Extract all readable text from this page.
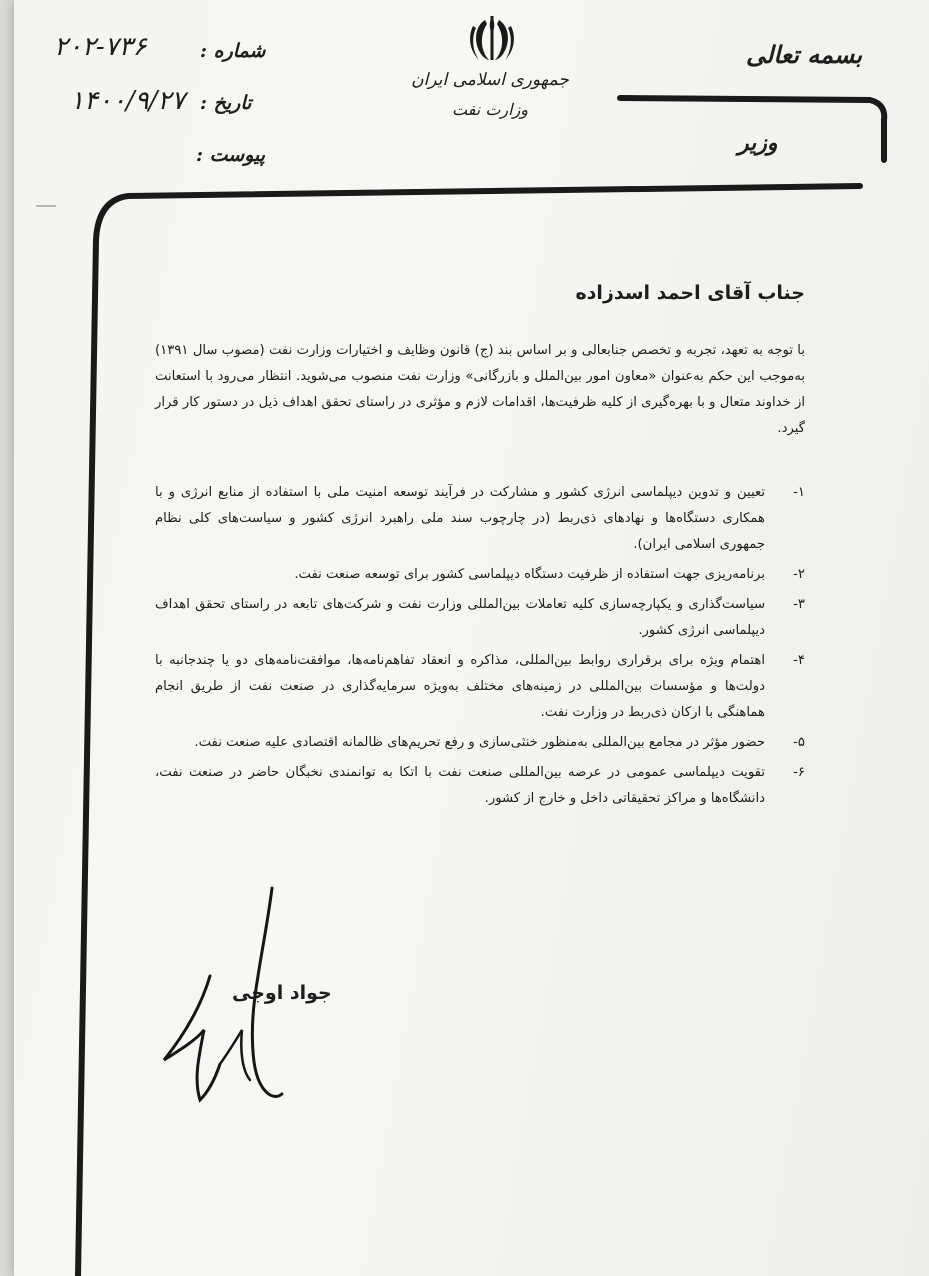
جمهوری اسلامی ایران
وزارت نفت
بسمه تعالی
وزیر
شماره :
۲۰۲-۷۳۶
تاریخ :
۱۴۰۰/۹/۲۷
پیوست :
جناب آقای احمد اسدزاده

با توجه به تعهد، تجربه و تخصص جنابعالی و بر اساس بند (ج) قانون وظایف و اختیارات وزارت نفت (مصوب سال ۱۳۹۱) به‌موجب این حکم به‌عنوان «معاون امور بین‌الملل و بازرگانی» وزارت نفت منصوب می‌شوید. انتظار می‌رود با استعانت از خداوند متعال و با بهره‌گیری از کلیه ظرفیت‌ها، اقدامات لازم و مؤثری در راستای تحقق اهداف ذیل در دستور کار قرار گیرد.

۱-
تعیین و تدوین دیپلماسی انرژی کشور و مشارکت در فرآیند توسعه امنیت ملی با استفاده از منابع انرژی و با همکاری دستگاه‌ها و نهادهای ذی‌ربط (در چارچوب سند ملی راهبرد انرژی کشور و سیاست‌های کلی نظام جمهوری اسلامی ایران).
۲-
برنامه‌ریزی جهت استفاده از ظرفیت دستگاه دیپلماسی کشور برای توسعه صنعت نفت.
۳-
سیاست‌گذاری و یکپارچه‌سازی کلیه تعاملات بین‌المللی وزارت نفت و شرکت‌های تابعه در راستای تحقق اهداف دیپلماسی انرژی کشور.
۴-
اهتمام ویژه برای برقراری روابط بین‌المللی، مذاکره و انعقاد تفاهم‌نامه‌ها، موافقت‌نامه‌های دو یا چندجانبه با دولت‌ها و مؤسسات بین‌المللی در زمینه‌های مختلف به‌ویژه سرمایه‌گذاری در صنعت نفت از طریق انجام هماهنگی با ارکان ذی‌ربط در وزارت نفت.
۵-
حضور مؤثر در مجامع بین‌المللی به‌منظور خنثی‌سازی و رفع تحریم‌های ظالمانه اقتصادی علیه صنعت نفت.
۶-
تقویت دیپلماسی عمومی در عرصه بین‌المللی صنعت نفت با اتکا به توانمندی نخبگان حاضر در صنعت نفت، دانشگاه‌ها و مراکز تحقیقاتی داخل و خارج از کشور.
جواد اوجی
